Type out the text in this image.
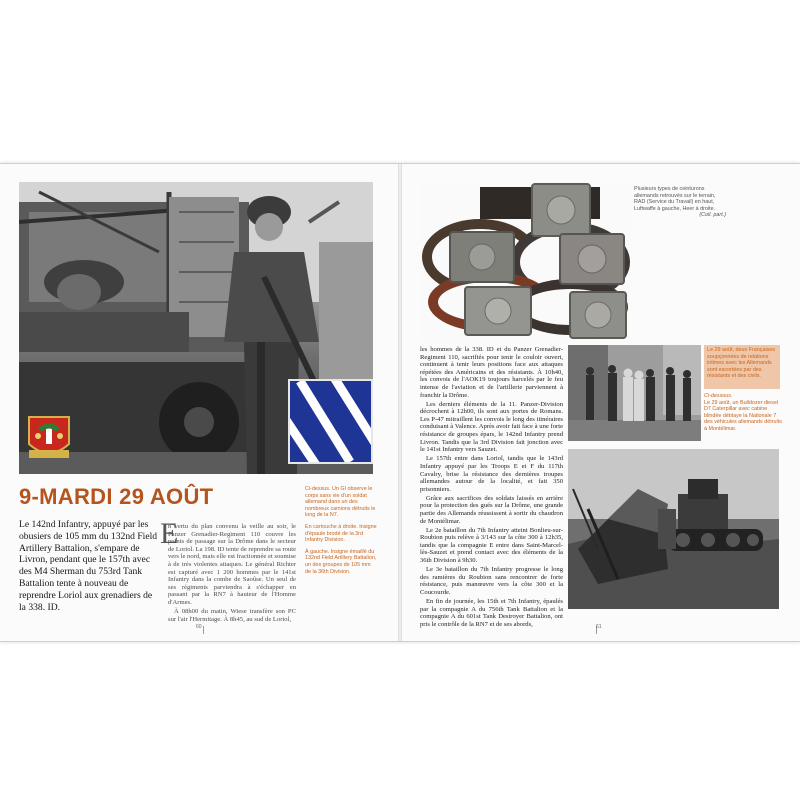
9-MARDI 29 AOÛT
Le 142nd Infantry, appuyé par les obusiers de 105 mm du 132nd Field Artillery Battalion, s'empare de Livron, pendant que le 157th avec des M4 Sherman du 753rd Tank Battalion tente à nouveau de reprendre Loriol aux grenadiers de la 338. ID.
E

n vertu du plan convenu la veille au soir, le Panzer Grenadier-Regiment 110 couvre les points de passage sur la Drôme dans le secteur de Loriol. La 198. ID tente de reprendre sa route vers le nord, mais elle est fractionnée et soumise à de très violentes attaques. Le général Richter est capturé avec 1 200 hommes par le 141st Infantry dans la combe de Saoûse. Un seul de ses régiments parviendra à s'échapper en passant par la RN7 à hauteur de l'Homme d'Armes.

À 08h00 du matin, Wiese transfère son PC sur l'air l'Hermitage. À 8h45, au sud de Loriol,

Ci-dessus. Un GI observe le corps sans vie d'un soldat allemand dans un des nombreux camions détruits le long de la N7.
En cartouche à droite. Insigne d'épaule brodé de la 3rd Infantry Division.
À gauche. Insigne émaillé du 132nd Field Artillery Battalion, un des groupes de 105 mm de la 36th Division.
60
Plusieurs types de ceinturons allemands retrouvés sur le terrain, RAD (Service du Travail) en haut, Luftwaffe à gauche, Heer à droite.
(Coll. part.)

les hommes de la 338. ID et du Panzer Grenadier-Regiment 110, sacrifiés pour tenir le couloir ouvert, continuent à tenir leurs positions face aux attaques répétées des Américains et des résistants. À 10h40, les convois de l'AOK19 toujours harcelés par le feu intense de l'aviation et de l'artillerie parviennent à franchir la Drôme.

Les derniers éléments de la 11. Panzer-Division décrochent à 12h00, ils sont aux portes de Romans. Les P-47 mitraillent les convois le long des itinéraires conduisant à Valence. Après avoir fait face à une forte résistance de groupes épars, le 142nd Infantry prend Livron. Tandis que la 3rd Division fait jonction avec le 141st Infantry vers Sauzet.

Le 157th entre dans Loriol, tandis que le 143rd Infantry appuyé par les Troops E et F du 117th Cavalry, brise la résistance des dernières troupes allemandes autour de la localité, et fait 350 prisonniers.

Grâce aux sacrifices des soldats laissés en arrière pour la protection des gués sur la Drôme, une grande partie des Allemands réussissent à sortir du chaudron de Montélimar.

Le 2e bataillon du 7th Infantry atteint Bonlieu-sur-Roubion puis relève à 3/143 sur la côte 300 à 12h35, tandis que la compagnie E entre dans Saint-Marcel-lès-Sauzet et prend contact avec des éléments de la 36th Division à 9h30.

Le 3e bataillon du 7th Infantry progresse le long des ramières du Roubion sans rencontrer de forte résistance, puis manœuvre vers la côte 300 et la Coucourde.

En fin de journée, les 15th et 7th Infantry, épaulés par la compagnie A du 756th Tank Battalion et la compagnie A du 601st Tank Destroyer Battalion, ont pris le contrôle de la RN7 et de ses abords,

Le 29 août, deux Françaises soupçonnées de relations intimes avec les Allemands sont escortées par des résistants et des civils.
Ci-dessous.
Le 29 août, un Bulldozer diesel D7 Caterpillar avec cabine blindée déblaye la Nationale 7 des véhicules allemands détruits à Montélimar.
61
